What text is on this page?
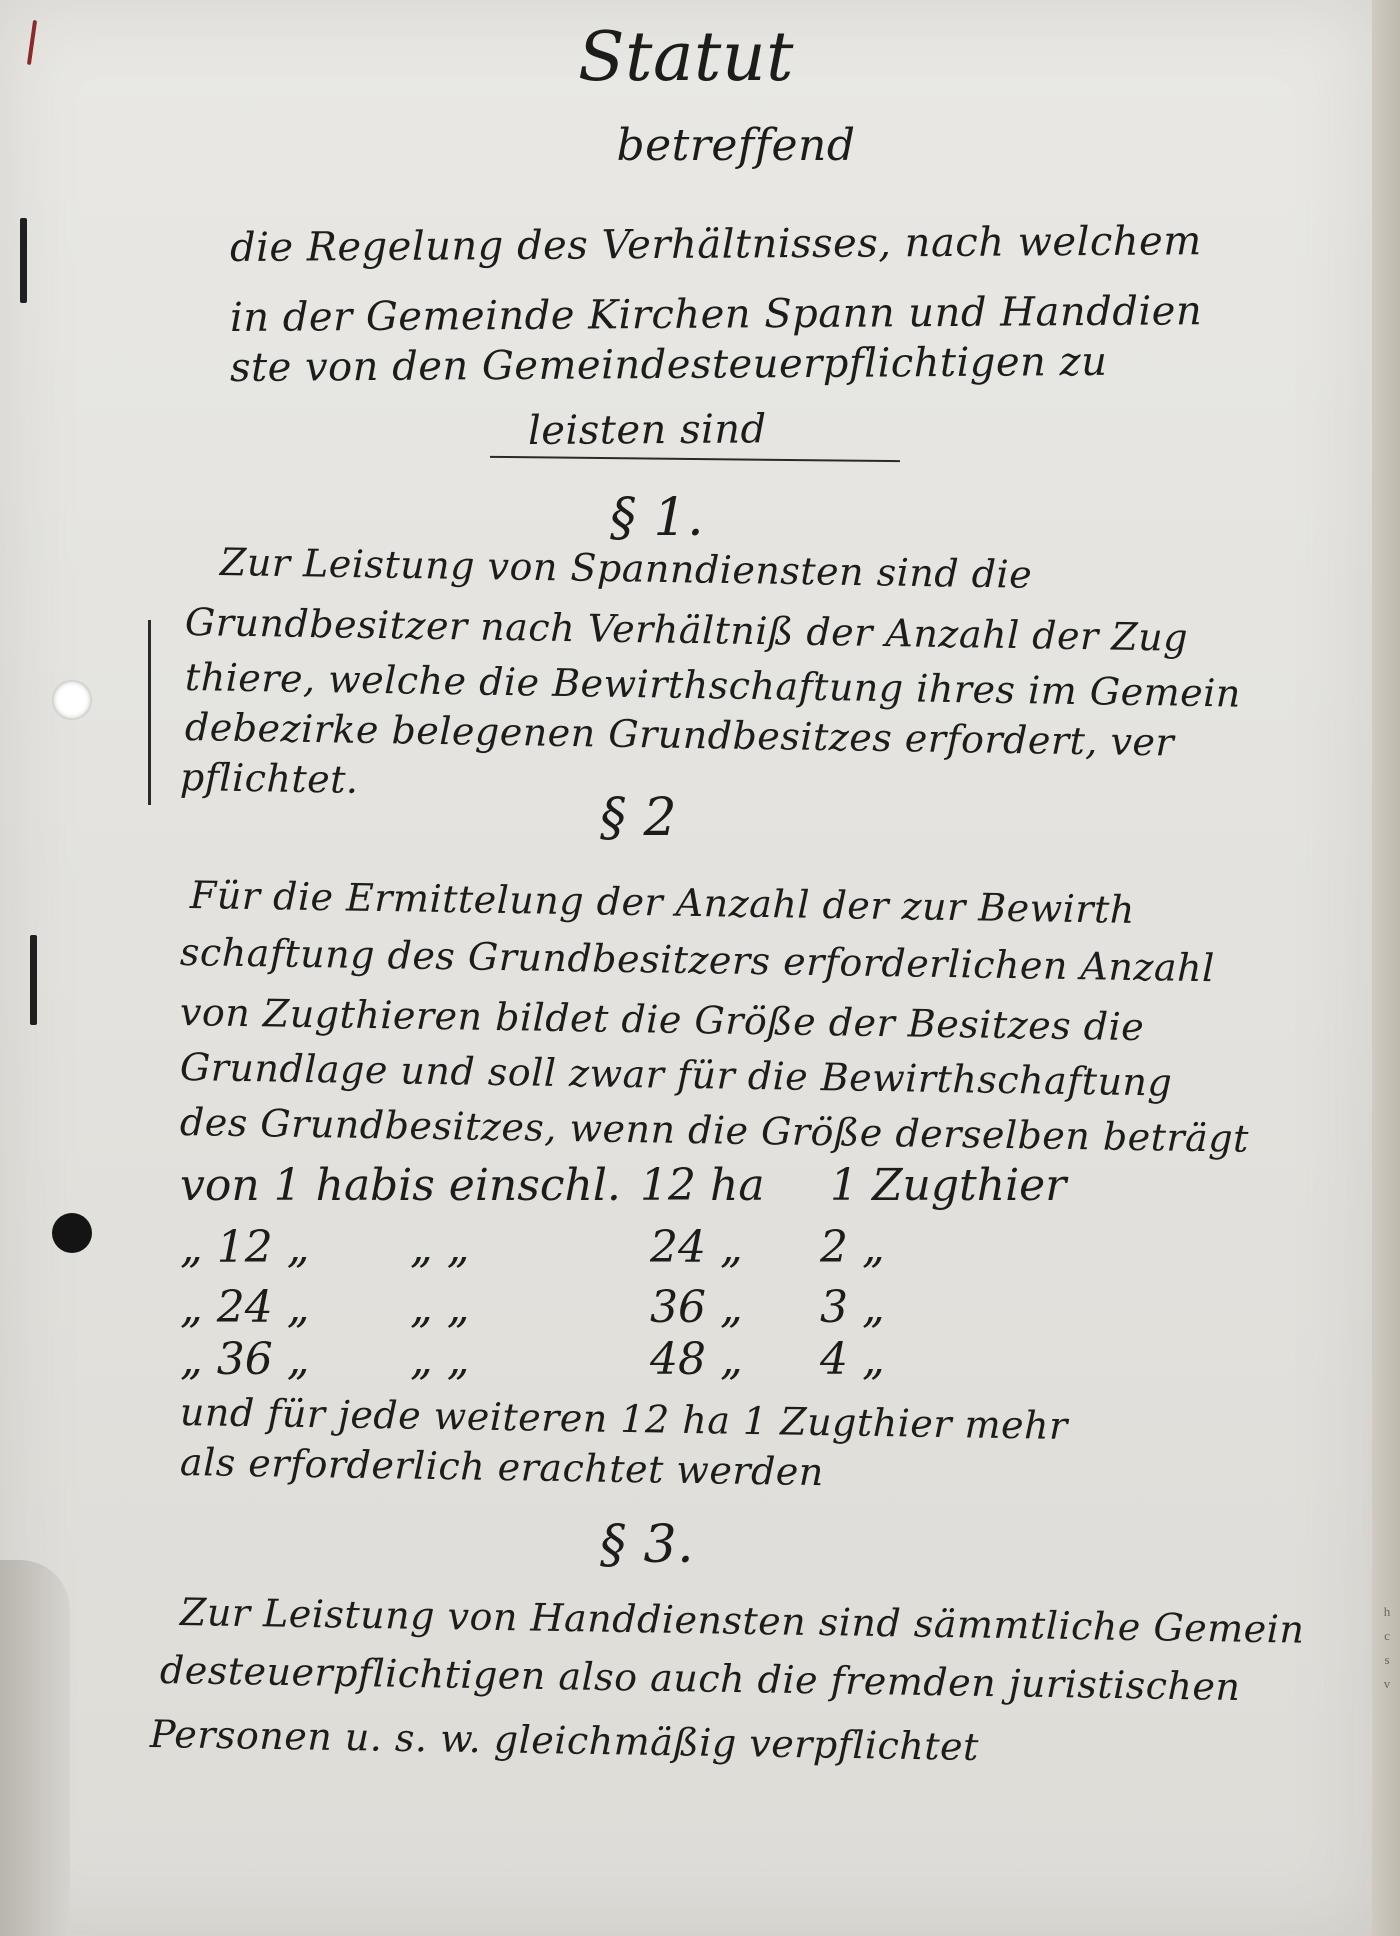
h
c
s
v
Statut
betreffend
die Regelung des Verhältnisses, nach welchem
in der Gemeinde Kirchen Spann und Handdien
ste von den Gemeindesteuerpflichtigen zu
leisten sind
§ 1.
Zur Leistung von Spanndiensten sind die
Grundbesitzer nach Verhältniß der Anzahl der Zug
thiere, welche die Bewirthschaftung ihres im Gemein
debezirke belegenen Grundbesitzes erfordert, ver
pflichtet.
§ 2
Für die Ermittelung der Anzahl der zur Bewirth
schaftung des Grundbesitzers erforderlichen Anzahl
von Zugthieren bildet die Größe der Besitzes die
Grundlage und soll zwar für die Bewirthschaftung
des Grundbesitzes, wenn die Größe derselben beträgt
von 1 ha bis einschl. 12 ha 1 Zugthier
„ 12 „ „ „	24 „ 2 „
„ 24 „ „ „	36 „ 3 „
„ 36 „ „ „	48 „ 4 „
und für jede weiteren 12 ha 1 Zugthier mehr
als erforderlich erachtet werden
§ 3.
Zur Leistung von Handdiensten sind sämmtliche Gemein
desteuerpflichtigen also auch die fremden juristischen
Personen u. s. w. gleichmäßig verpflichtet
